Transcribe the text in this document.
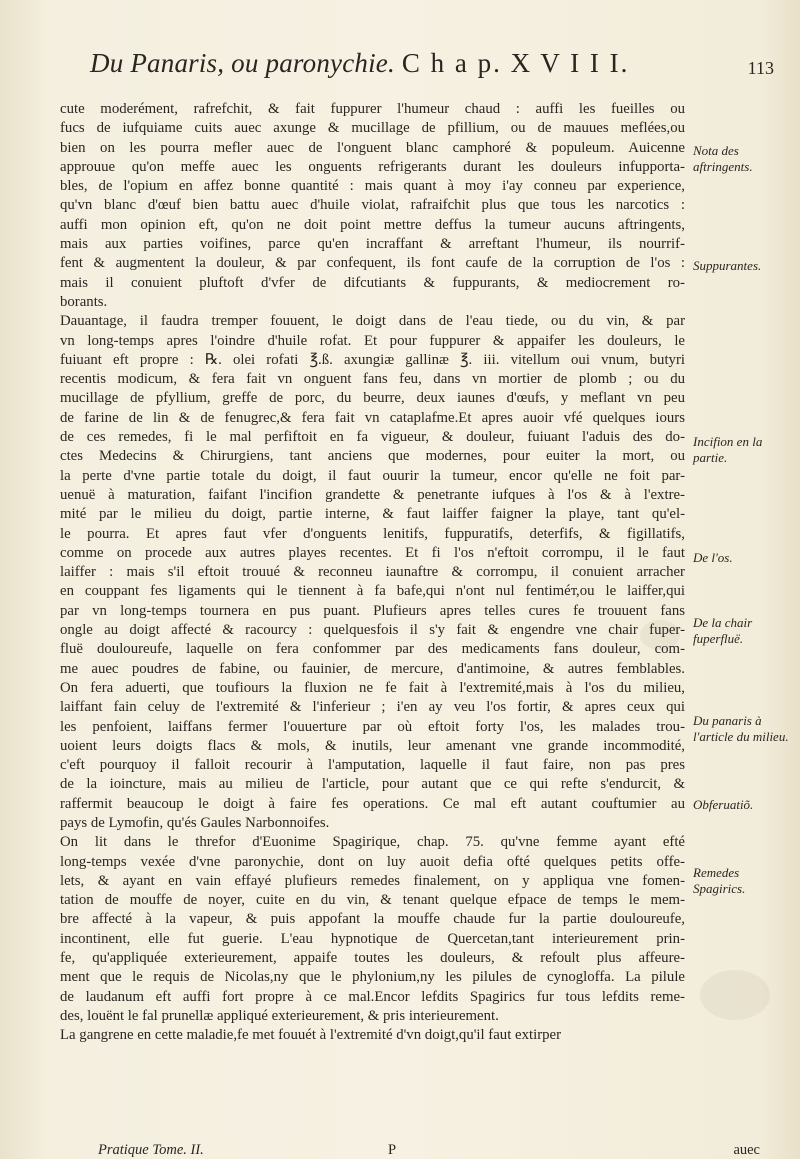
Du Panaris, ou paronychie. C h a p. X V I I I.	113
cute moderément, rafrefchit, & fait fuppurer l'humeur chaud : auffi les fueilles ou
fucs de iufquiame cuits auec axunge & mucillage de pfillium, ou de mauues meflées,ou
bien on les pourra mefler auec de l'onguent blanc camphoré & populeum. Auicenne
approuue qu'on meffe auec les onguents refrigerants durant les douleurs infupporta-
bles, de l'opium en affez bonne quantité : mais quant à moy i'ay conneu par experience,
qu'vn blanc d'œuf bien battu auec d'huile violat, rafraifchit plus que tous les narcotics :
auffi mon opinion eft, qu'on ne doit point mettre deffus la tumeur aucuns aftringents,
mais aux parties voifines, parce qu'en incraffant & arreftant l'humeur, ils nourrif-
fent & augmentent la douleur, & par confequent, ils font caufe de la corruption de l'os :
mais il conuient pluftoft d'vfer de difcutiants & fuppurants, & mediocrement ro-
borants.
Dauantage, il faudra tremper fouuent, le doigt dans de l'eau tiede, ou du vin, & par
vn long-temps apres l'oindre d'huile rofat. Et pour fuppurer & appaifer les douleurs, le
fuiuant eft propre : ℞. olei rofati ℥.ß. axungiæ gallinæ ℥. iii. vitellum oui vnum, butyri
recentis modicum, & fera fait vn onguent fans feu, dans vn mortier de plomb ; ou du
mucillage de pfyllium, greffe de porc, du beurre, deux iaunes d'œufs, y meflant vn peu
de farine de lin & de fenugrec,& fera fait vn cataplafme.Et apres auoir vfé quelques iours
de ces remedes, fi le mal perfiftoit en fa vigueur, & douleur, fuiuant l'aduis des do-
ctes Medecins & Chirurgiens, tant anciens que modernes, pour euiter la mort, ou
la perte d'vne partie totale du doigt, il faut ouurir la tumeur, encor qu'elle ne foit par-
uenuë à maturation, faifant l'incifion grandette & penetrante iufques à l'os & à l'extre-
mité par le milieu du doigt, partie interne, & faut laiffer faigner la playe, tant qu'el-
le pourra. Et apres faut vfer d'onguents lenitifs, fuppuratifs, deterfifs, & figillatifs,
comme on procede aux autres playes recentes. Et fi l'os n'eftoit corrompu, il le faut
laiffer : mais s'il eftoit trouué & reconneu iaunaftre & corrompu, il conuient arracher
en couppant fes ligaments qui le tiennent à fa bafe,qui n'ont nul fentiméт,ou le laiffer,qui
par vn long-temps tournera en pus puant. Plufieurs apres telles cures fe trouuent fans
ongle au doigt affecté & racourcy : quelquesfois il s'y fait & engendre vne chair fuper-
fluë douloureufe, laquelle on fera confommer par des medicaments fans douleur, com-
me auec poudres de fabine, ou fauinier, de mercure, d'antimoine, & autres femblables.
On fera aduerti, que toufiours la fluxion ne fe fait à l'extremité,mais à l'os du milieu,
laiffant fain celuy de l'extremité & l'inferieur ; i'en ay veu l'os fortir, & apres ceux qui
les penfoient, laiffans fermer l'ouuerture par où eftoit forty l'os, les malades trou-
uoient leurs doigts flacs & mols, & inutils, leur amenant vne grande incommodité,
c'eft pourquoy il falloit recourir à l'amputation, laquelle il faut faire, non pas pres
de la ioincture, mais au milieu de l'article, pour autant que ce qui refte s'endurcit, &
raffermit beaucoup le doigt à faire fes operations. Ce mal eft autant couftumier au
pays de Lymofin, qu'és Gaules Narbonnoifes.
On lit dans le threfor d'Euonime Spagirique, chap. 75. qu'vne femme ayant efté
long-temps vexée d'vne paronychie, dont on luy auoit defia ofté quelques petits offe-
lets, & ayant en vain effayé plufieurs remedes finalement, on y appliqua vne fomen-
tation de mouffe de noyer, cuite en du vin, & tenant quelque efpace de temps le mem-
bre affecté à la vapeur, & puis appofant la mouffe chaude fur la partie douloureufe,
incontinent, elle fut guerie. L'eau hypnotique de Quercetan,tant interieurement prin-
fe, qu'appliquée exterieurement, appaife toutes les douleurs, & refoult plus affeure-
ment que le requis de Nicolas,ny que le phylonium,ny les pilules de cynogloffa. La pilule
de laudanum eft auffi fort propre à ce mal.Encor lefdits Spagirics fur tous lefdits reme-
des, louënt le fal prunellæ appliqué exterieurement, & pris interieurement.
La gangrene en cette maladie,fe met fouuét à l'extremité d'vn doigt,qu'il faut extirper
Nota des aftringents.
Suppurantes.
Incifion en la partie.
De l'os.
De la chair fuperfluë.
Du panaris à l'article du milieu.
Obferuatiõ.
Remedes Spagirics.
Pratique Tome. II.	P	auec
